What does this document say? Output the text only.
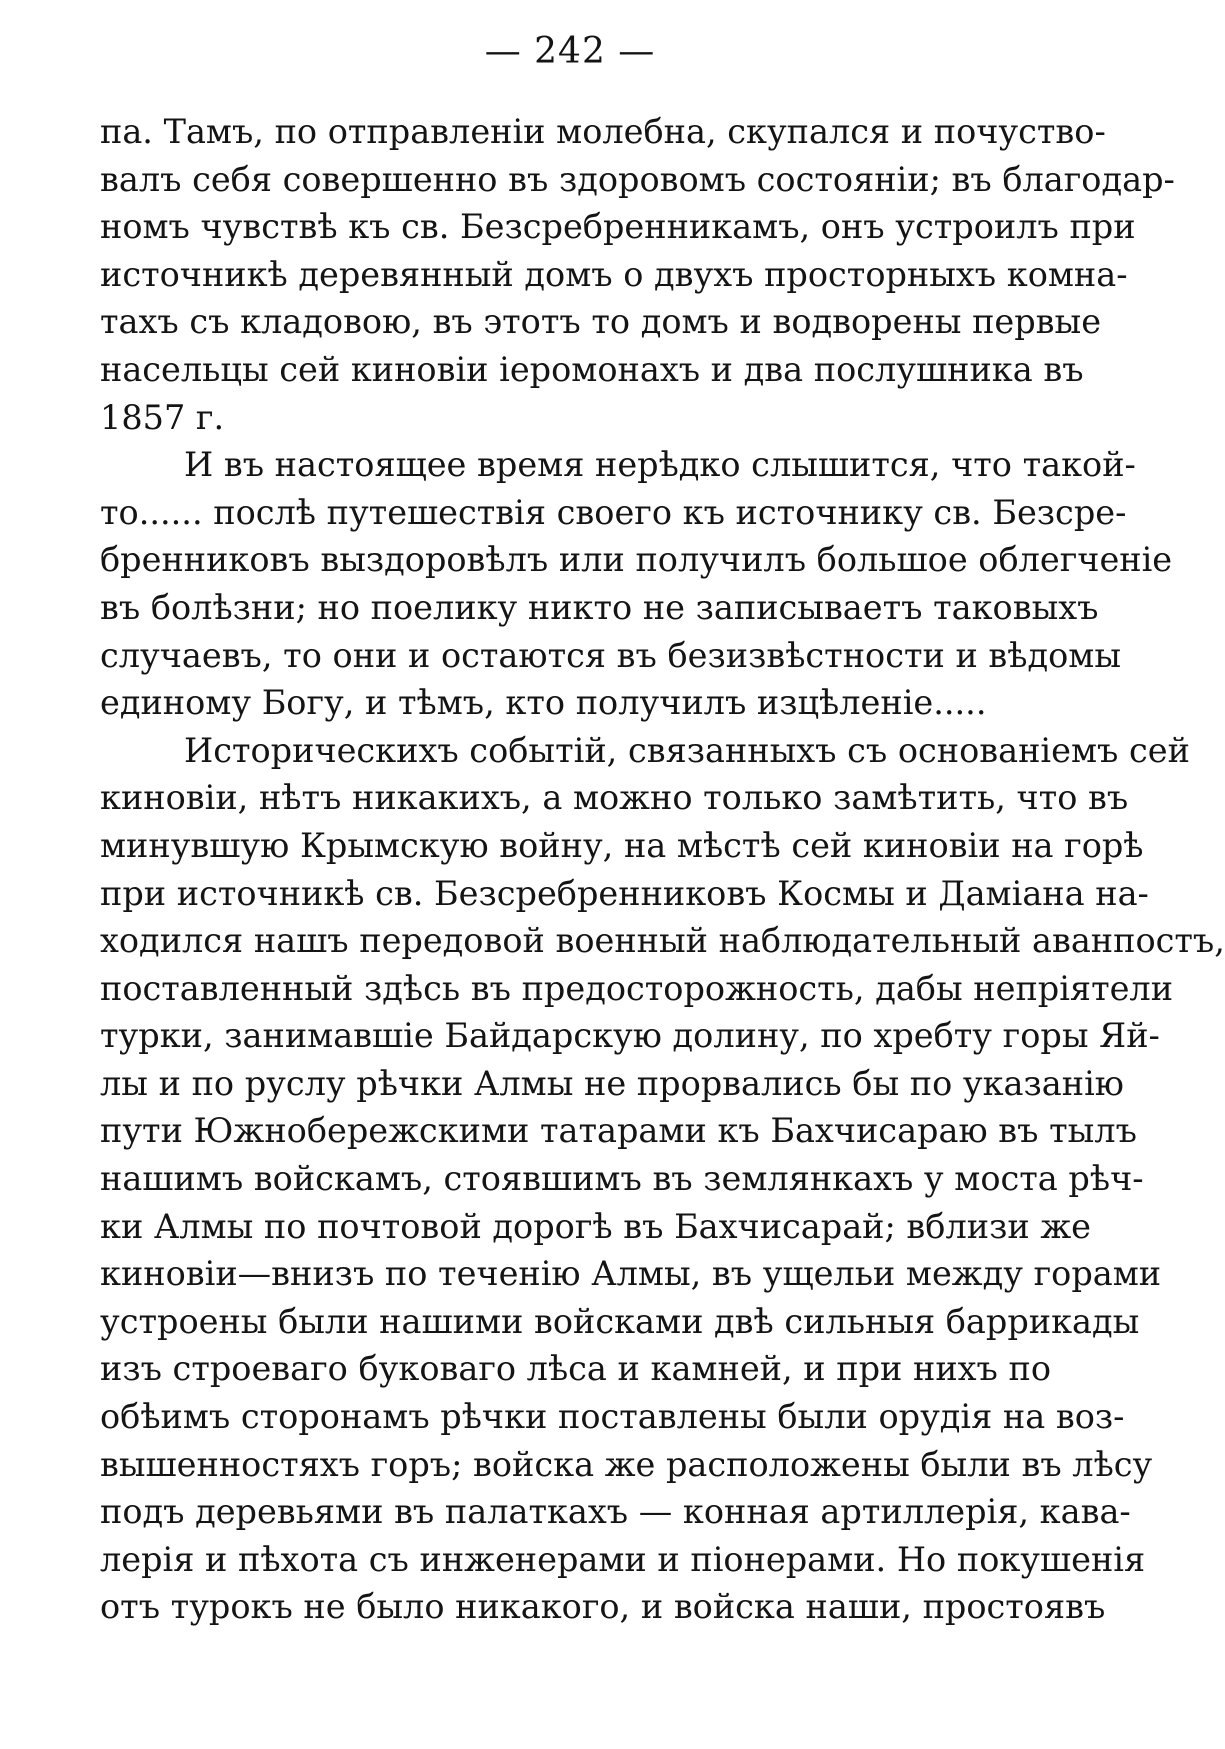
— 242 —
па. Тамъ, по отправленіи молебна, скупался и почуство-
валъ себя совершенно въ здоровомъ состояніи; въ благодар-
номъ чувствѣ къ св. Безсребренникамъ, онъ устроилъ при
источникѣ деревянный домъ о двухъ просторныхъ комна-
тахъ съ кладовою, въ этотъ то домъ и водворены первые
насельцы сей киновіи іеромонахъ и два послушника въ
1857 г.
И въ настоящее время нерѣдко слышится, что такой-
то...... послѣ путешествія своего къ источнику св. Безсре-
бренниковъ выздоровѣлъ или получилъ большое облегченіе
въ болѣзни; но поелику никто не записываетъ таковыхъ
случаевъ, то они и остаются въ безизвѣстности и вѣдомы
единому Богу, и тѣмъ, кто получилъ изцѣленіе.....
Историческихъ событій, связанныхъ съ основаніемъ сей
киновіи, нѣтъ никакихъ, а можно только замѣтить, что въ
минувшую Крымскую войну, на мѣстѣ сей киновіи на горѣ
при источникѣ св. Безсребренниковъ Космы и Даміана на-
ходился нашъ передовой военный наблюдательный аванпостъ,
поставленный здѣсь въ предосторожность, дабы непріятели
турки, занимавшіе Байдарскую долину, по хребту горы Яй-
лы и по руслу рѣчки Алмы не прорвались бы по указанію
пути Южнобережскими татарами къ Бахчисараю въ тылъ
нашимъ войскамъ, стоявшимъ въ землянкахъ у моста рѣч-
ки Алмы по почтовой дорогѣ въ Бахчисарай; вблизи же
киновіи—внизъ по теченію Алмы, въ ущельи между горами
устроены были нашими войсками двѣ сильныя баррикады
изъ строеваго буковаго лѣса и камней, и при нихъ по
обѣимъ сторонамъ рѣчки поставлены были орудія на воз-
вышенностяхъ горъ; войска же расположены были въ лѣсу
подъ деревьями въ палаткахъ — конная артиллерія, кава-
лерія и пѣхота съ инженерами и піонерами. Но покушенія
отъ турокъ не было никакого, и войска наши, простоявъ
